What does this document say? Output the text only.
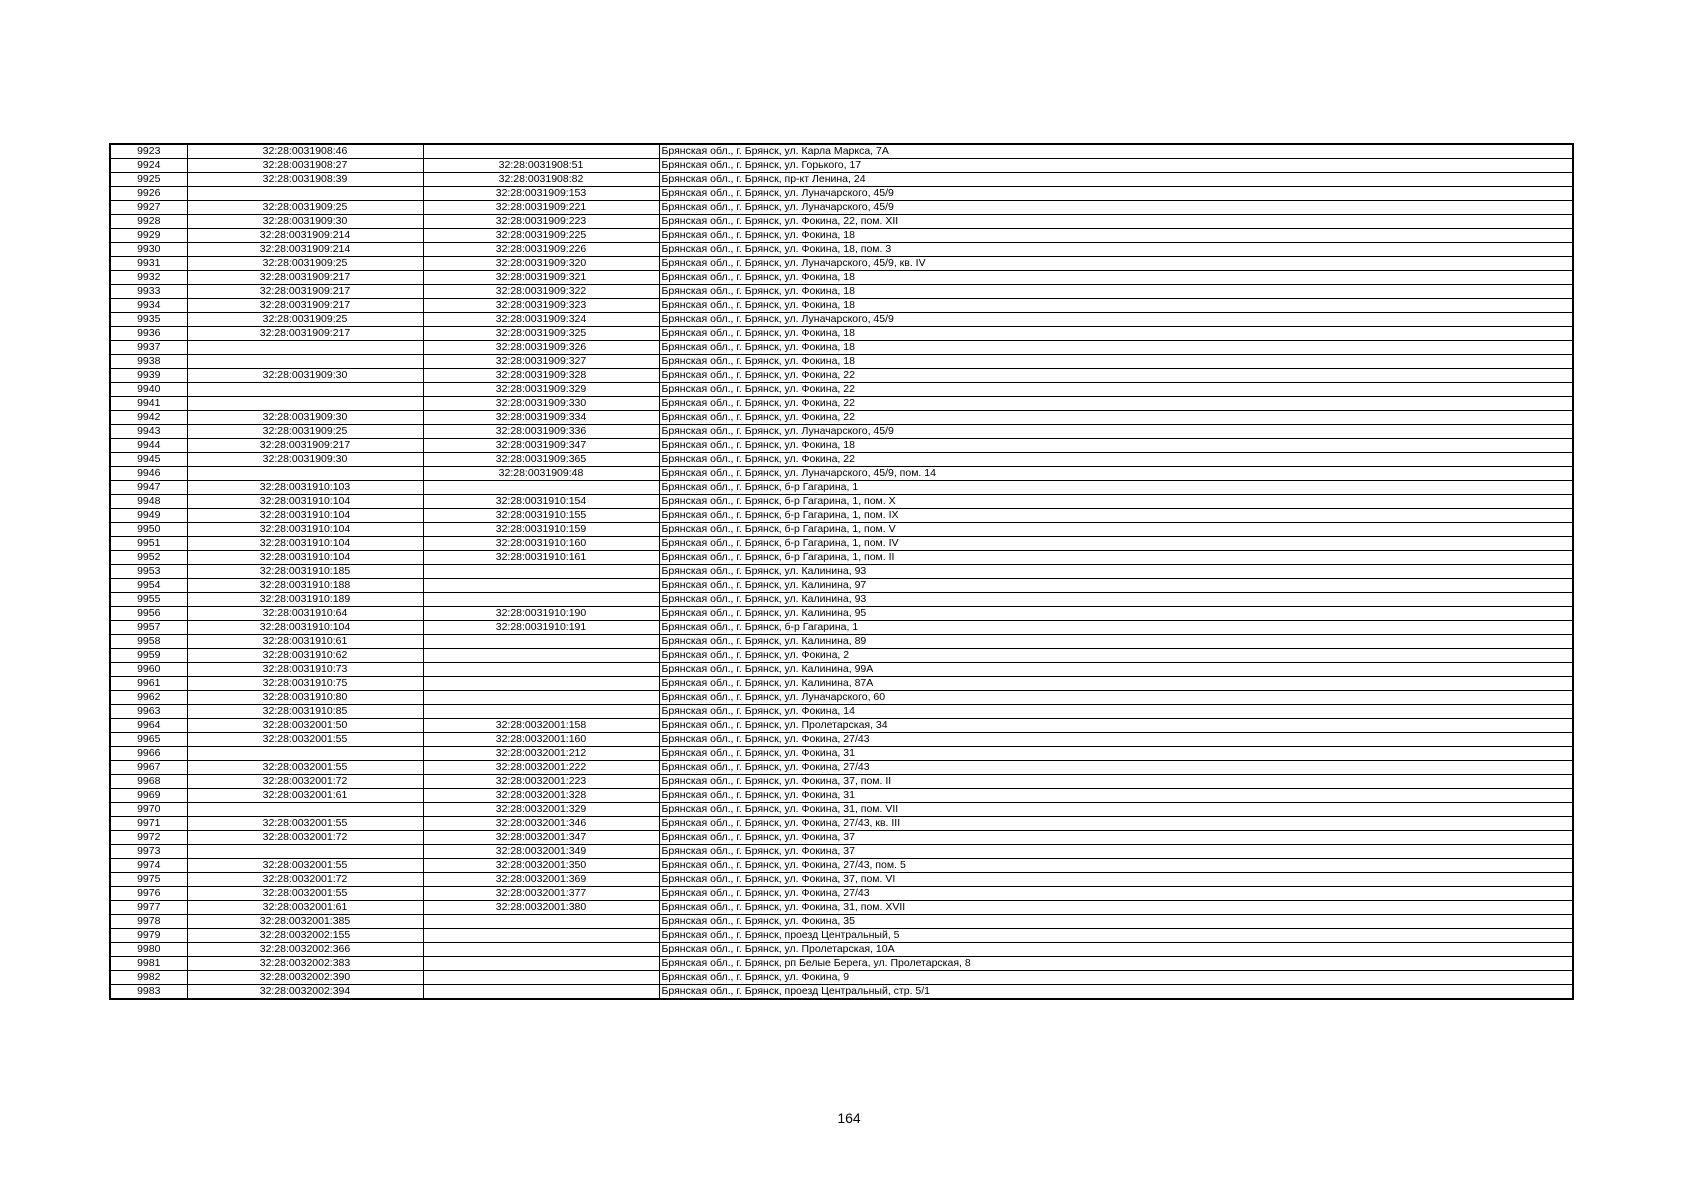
9923	32:28:0031908:46		Брянская обл., г. Брянск, ул. Карла Маркса, 7А
9924	32:28:0031908:27	32:28:0031908:51	Брянская обл., г. Брянск, ул. Горького, 17
9925	32:28:0031908:39	32:28:0031908:82	Брянская обл., г. Брянск, пр-кт Ленина, 24
9926		32:28:0031909:153	Брянская обл., г. Брянск, ул. Луначарского, 45/9
9927	32:28:0031909:25	32:28:0031909:221	Брянская обл., г. Брянск, ул. Луначарского, 45/9
9928	32:28:0031909:30	32:28:0031909:223	Брянская обл., г. Брянск, ул. Фокина, 22, пом. XII
9929	32:28:0031909:214	32:28:0031909:225	Брянская обл., г. Брянск, ул. Фокина, 18
9930	32:28:0031909:214	32:28:0031909:226	Брянская обл., г. Брянск, ул. Фокина, 18, пом. 3
9931	32:28:0031909:25	32:28:0031909:320	Брянская обл., г. Брянск, ул. Луначарского, 45/9, кв. IV
9932	32:28:0031909:217	32:28:0031909:321	Брянская обл., г. Брянск, ул. Фокина, 18
9933	32:28:0031909:217	32:28:0031909:322	Брянская обл., г. Брянск, ул. Фокина, 18
9934	32:28:0031909:217	32:28:0031909:323	Брянская обл., г. Брянск, ул. Фокина, 18
9935	32:28:0031909:25	32:28:0031909:324	Брянская обл., г. Брянск, ул. Луначарского, 45/9
9936	32:28:0031909:217	32:28:0031909:325	Брянская обл., г. Брянск, ул. Фокина, 18
9937		32:28:0031909:326	Брянская обл., г. Брянск, ул. Фокина, 18
9938		32:28:0031909:327	Брянская обл., г. Брянск, ул. Фокина, 18
9939	32:28:0031909:30	32:28:0031909:328	Брянская обл., г. Брянск, ул. Фокина, 22
9940		32:28:0031909:329	Брянская обл., г. Брянск, ул. Фокина, 22
9941		32:28:0031909:330	Брянская обл., г. Брянск, ул. Фокина, 22
9942	32:28:0031909:30	32:28:0031909:334	Брянская обл., г. Брянск, ул. Фокина, 22
9943	32:28:0031909:25	32:28:0031909:336	Брянская обл., г. Брянск, ул. Луначарского, 45/9
9944	32:28:0031909:217	32:28:0031909:347	Брянская обл., г. Брянск, ул. Фокина, 18
9945	32:28:0031909:30	32:28:0031909:365	Брянская обл., г. Брянск, ул. Фокина, 22
9946		32:28:0031909:48	Брянская обл., г. Брянск, ул. Луначарского, 45/9, пом. 14
9947	32:28:0031910:103		Брянская обл., г. Брянск, б-р Гагарина, 1
9948	32:28:0031910:104	32:28:0031910:154	Брянская обл., г. Брянск, б-р Гагарина, 1, пом. X
9949	32:28:0031910:104	32:28:0031910:155	Брянская обл., г. Брянск, б-р Гагарина, 1, пом. IX
9950	32:28:0031910:104	32:28:0031910:159	Брянская обл., г. Брянск, б-р Гагарина, 1, пом. V
9951	32:28:0031910:104	32:28:0031910:160	Брянская обл., г. Брянск, б-р Гагарина, 1, пом. IV
9952	32:28:0031910:104	32:28:0031910:161	Брянская обл., г. Брянск, б-р Гагарина, 1, пом. II
9953	32:28:0031910:185		Брянская обл., г. Брянск, ул. Калинина, 93
9954	32:28:0031910:188		Брянская обл., г. Брянск, ул. Калинина, 97
9955	32:28:0031910:189		Брянская обл., г. Брянск, ул. Калинина, 93
9956	32:28:0031910:64	32:28:0031910:190	Брянская обл., г. Брянск, ул. Калинина, 95
9957	32:28:0031910:104	32:28:0031910:191	Брянская обл., г. Брянск, б-р Гагарина, 1
9958	32:28:0031910:61		Брянская обл., г. Брянск, ул. Калинина, 89
9959	32:28:0031910:62		Брянская обл., г. Брянск, ул. Фокина, 2
9960	32:28:0031910:73		Брянская обл., г. Брянск, ул. Калинина, 99А
9961	32:28:0031910:75		Брянская обл., г. Брянск, ул. Калинина, 87А
9962	32:28:0031910:80		Брянская обл., г. Брянск, ул. Луначарского, 60
9963	32:28:0031910:85		Брянская обл., г. Брянск, ул. Фокина, 14
9964	32:28:0032001:50	32:28:0032001:158	Брянская обл., г. Брянск, ул. Пролетарская, 34
9965	32:28:0032001:55	32:28:0032001:160	Брянская обл., г. Брянск, ул. Фокина, 27/43
9966		32:28:0032001:212	Брянская обл., г. Брянск, ул. Фокина, 31
9967	32:28:0032001:55	32:28:0032001:222	Брянская обл., г. Брянск, ул. Фокина, 27/43
9968	32:28:0032001:72	32:28:0032001:223	Брянская обл., г. Брянск, ул. Фокина, 37, пом. II
9969	32:28:0032001:61	32:28:0032001:328	Брянская обл., г. Брянск, ул. Фокина, 31
9970		32:28:0032001:329	Брянская обл., г. Брянск, ул. Фокина, 31, пом. VII
9971	32:28:0032001:55	32:28:0032001:346	Брянская обл., г. Брянск, ул. Фокина, 27/43, кв. III
9972	32:28:0032001:72	32:28:0032001:347	Брянская обл., г. Брянск, ул. Фокина, 37
9973		32:28:0032001:349	Брянская обл., г. Брянск, ул. Фокина, 37
9974	32:28:0032001:55	32:28:0032001:350	Брянская обл., г. Брянск, ул. Фокина, 27/43, пом. 5
9975	32:28:0032001:72	32:28:0032001:369	Брянская обл., г. Брянск, ул. Фокина, 37, пом. VI
9976	32:28:0032001:55	32:28:0032001:377	Брянская обл., г. Брянск, ул. Фокина, 27/43
9977	32:28:0032001:61	32:28:0032001:380	Брянская обл., г. Брянск, ул. Фокина, 31, пом. XVII
9978	32:28:0032001:385		Брянская обл., г. Брянск, ул. Фокина, 35
9979	32:28:0032002:155		Брянская обл., г. Брянск, проезд Центральный, 5
9980	32:28:0032002:366		Брянская обл., г. Брянск, ул. Пролетарская, 10А
9981	32:28:0032002:383		Брянская обл., г. Брянск, рп Белые Берега, ул. Пролетарская, 8
9982	32:28:0032002:390		Брянская обл., г. Брянск, ул. Фокина, 9
9983	32:28:0032002:394		Брянская обл., г. Брянск, проезд Центральный, стр. 5/1
164
